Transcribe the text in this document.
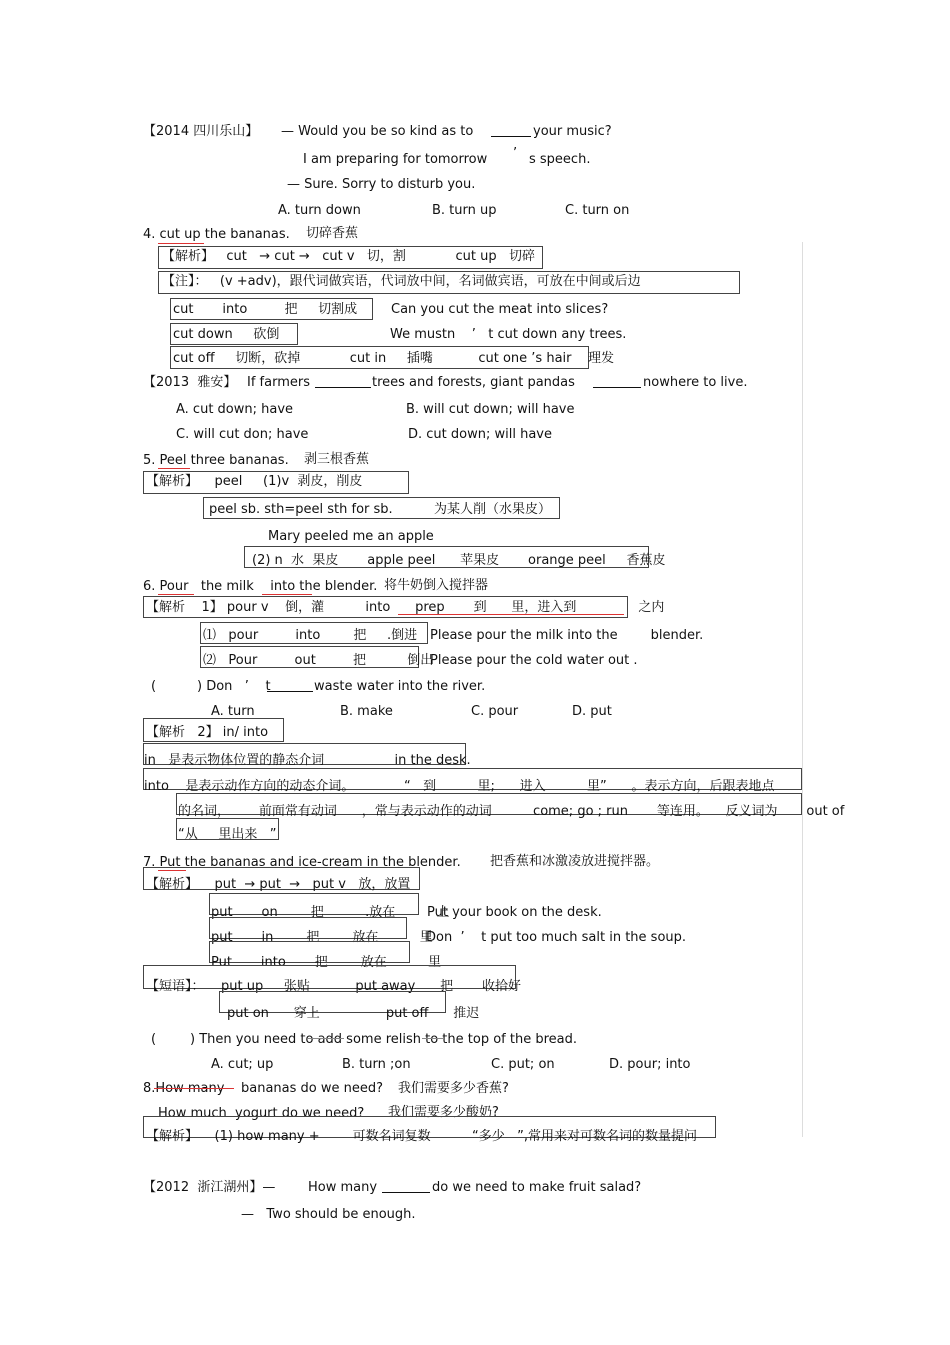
【2014 四川乐山】 — Would you be so kind as to	your music?
I am preparing for tomorrow ’ s speech.
— Sure. Sorry to disturb you.
A. turn down	B. turn up	C. turn on
4. cut up the bananas. 切碎香蕉
【解析】   cut   → cut →   cut v   切，割            cut up   切碎
【注】：   (v +adv)，跟代词做宾语，代词放中间，名词做宾语，可放在中间或后边
cut       into         把     切割成	Can you cut the meat into slices?
cut down     砍倒	We mustn    ’   t cut down any trees.
cut off     切断，砍掉            cut in     插嘴           cut one ’s hair    理发
【2013  雅安】 If farmers	trees and forests, giant pandas	nowhere to live.
A. cut down; have	B. will cut down; will have
C. will cut don; have	D. cut down; will have
5. Peel three bananas. 剥三根香蕉
【解析】    peel     (1)v  剥皮，削皮
peel sb. sth=peel sth for sb.          为某人削（水果皮）
Mary peeled me an apple
(2) n  水  果皮       apple peel      苹果皮       orange peel     香蕉皮
6. Pour   the milk    into the blender. 将牛奶倒入搅拌器
【解析    1】 pour v    倒，灌          into      prep       到      里，进入到               之内
⑴   pour         into        把     .倒进 Please pour the milk into the        blender.
⑵   Pour         out         把          倒出
Please pour the cold water out .
(	) Don   ’    t	waste water into the river.
A. turn	B. make	C. pour	D. put
【解析   2】 in/ into
in   是表示物体位置的静态介词                 in the desk.
into    是表示动作方向的动态介词。            “   到          里;      进入          里”      。表示方向，后跟表地点
的名词，       前面常有动词      ，常与表示动作的动词          come; go ; run       等连用。    反义词为       out of
“从     里出来   ”
7. Put the bananas and ice-cream in the blender. 把香蕉和冰激凌放进搅拌器。
【解析】    put  → put  →   put v   放，放置
put       on        把          .放在          上
Put your book on the desk.
put       in        把        放在          里
Don  ’    t put too much salt in the soup.
Put       into       把        放在          里
【短语】：    put up     张贴           put away      把       收拾好
put on      穿上                put off      推迟
(	) Then you need to add some relish to the top of the bread.
A. cut; up	B. turn ;on	C. put; on	D. pour; into
8.How many    bananas do we need? 我们需要多少香蕉?
How much  yogurt do we need? 我们需要多少酸奶?
【解析】    (1) how many +        可数名词复数          “多少   ”,常用来对可数名词的数量提问
【2012  浙江湖州】—	How many	do we need to make fruit salad?
—   Two should be enough.
